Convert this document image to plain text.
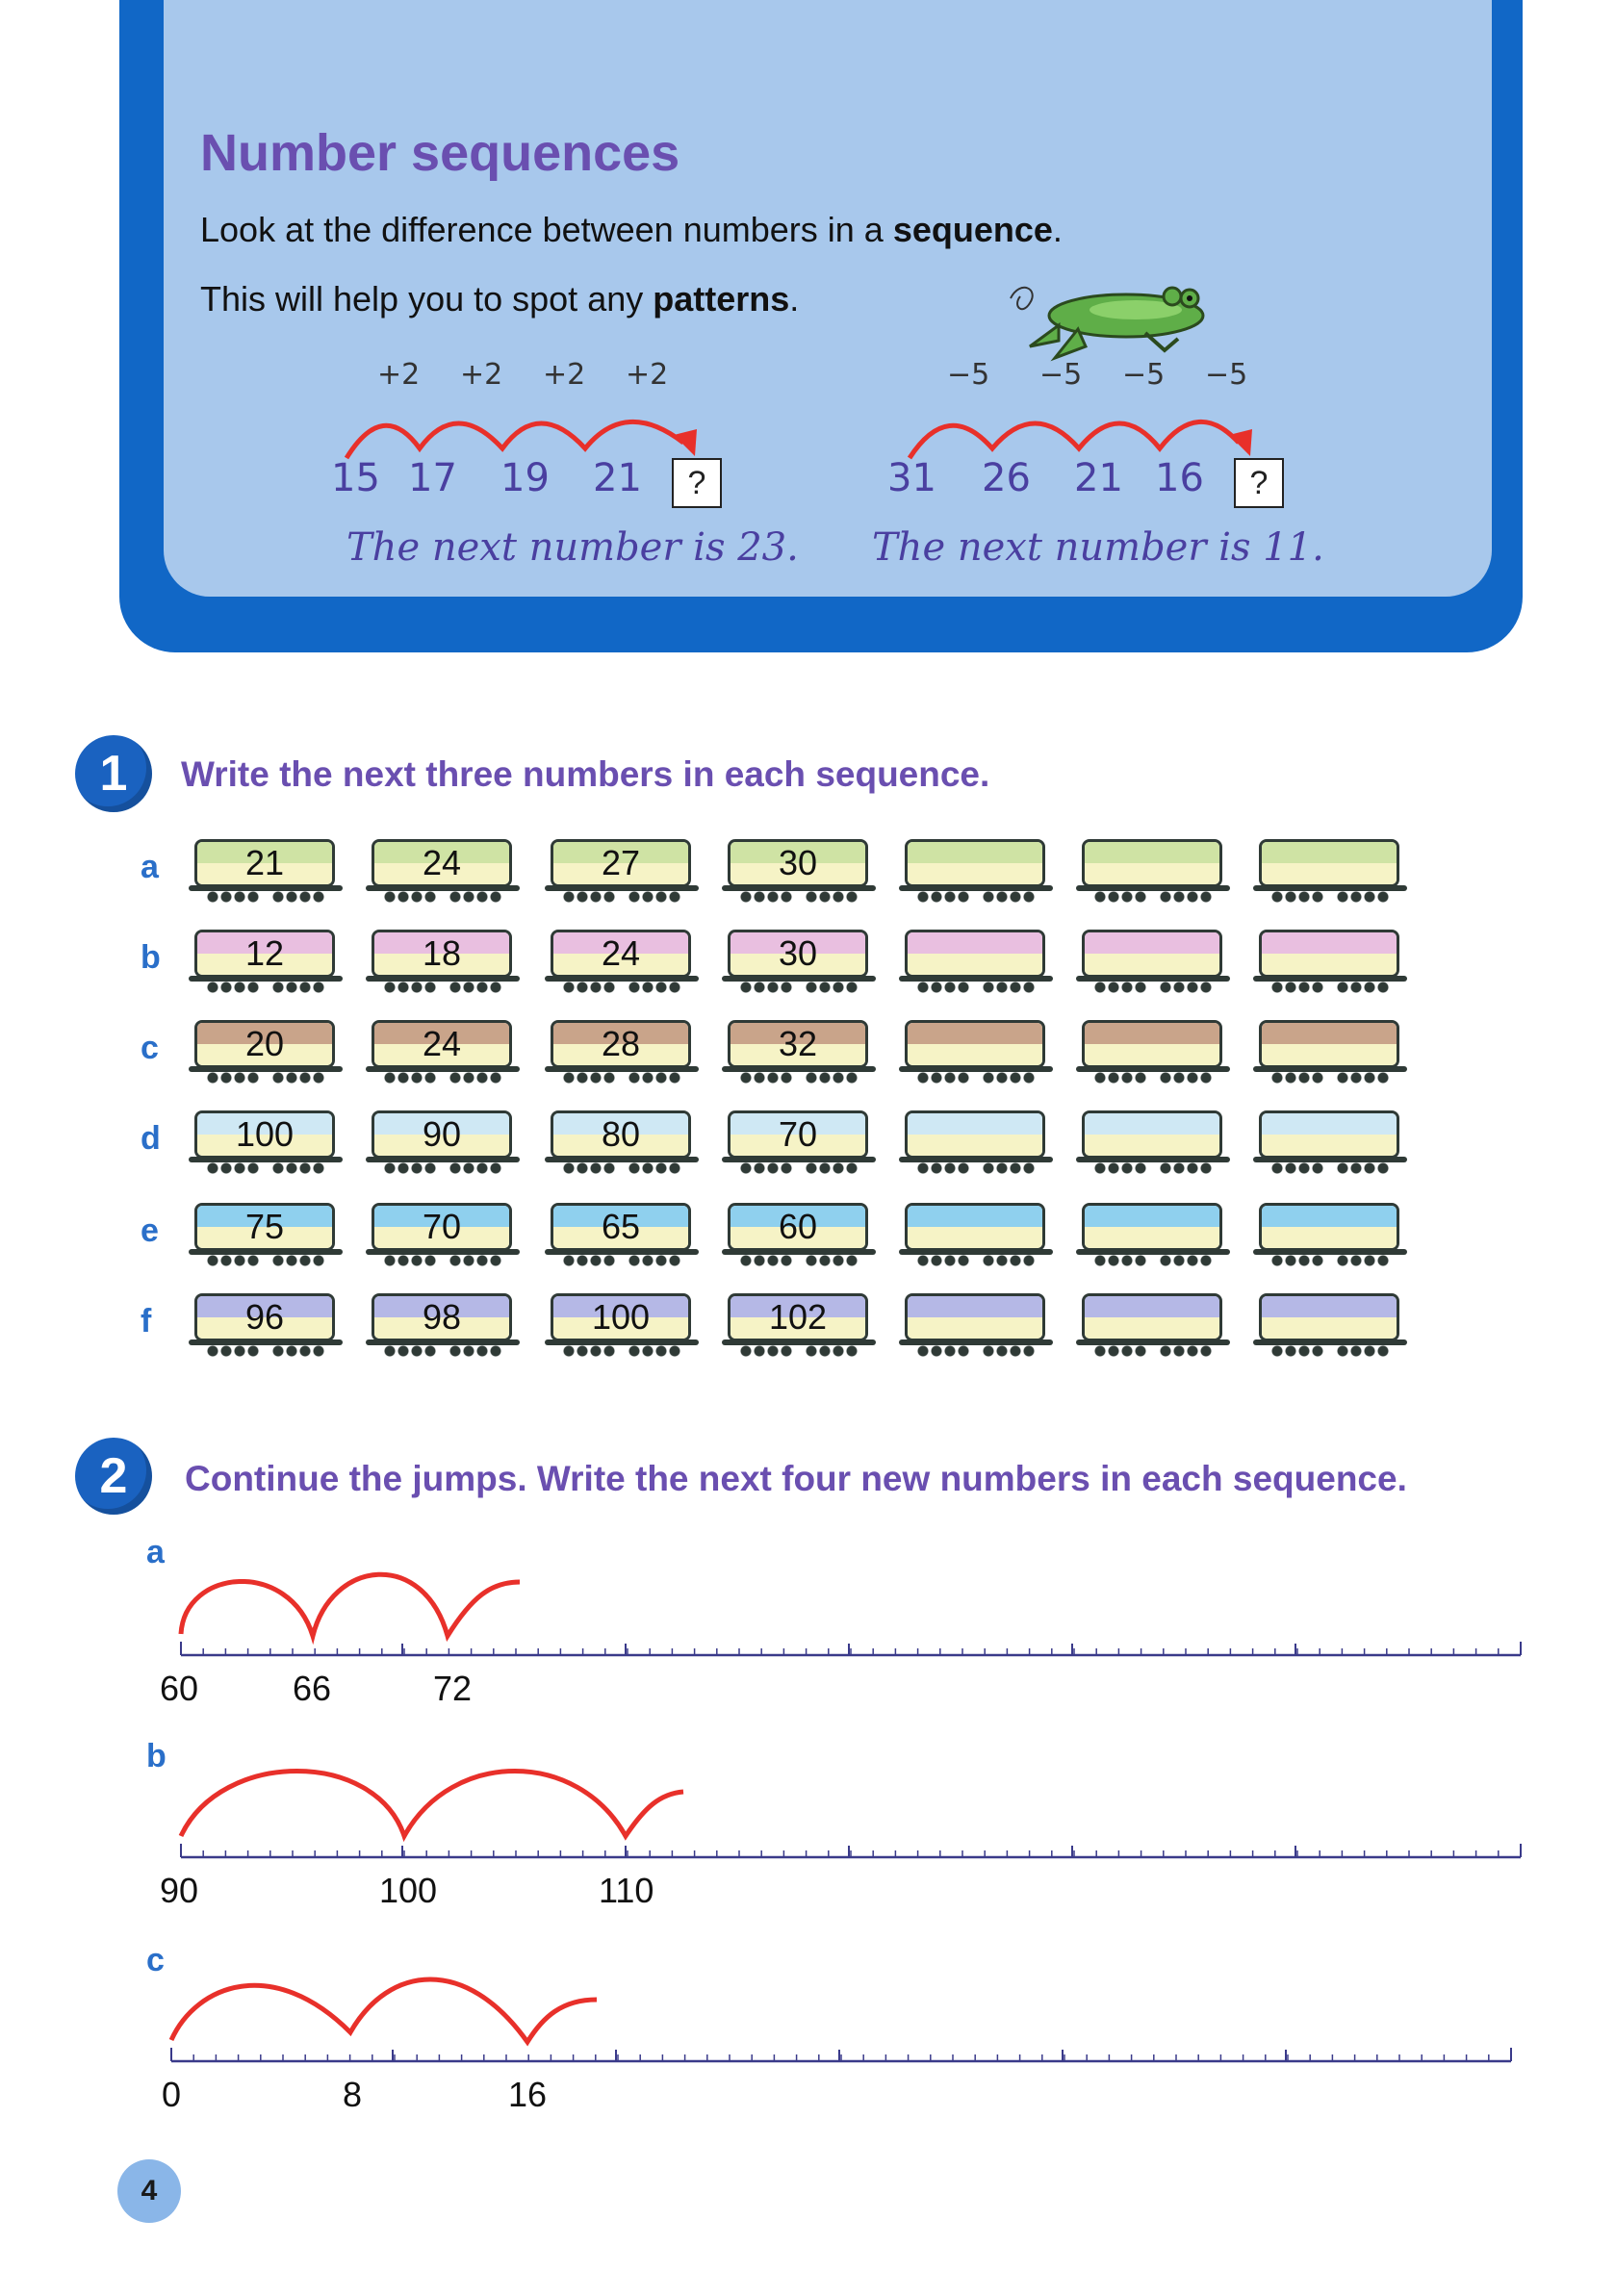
Number sequences
Look at the difference between numbers in a sequence.
This will help you to spot any patterns.
+2 +2 +2 +2
15 17 19 21	?
The next number is 23.
−5 −5 −5 −5
31 26 21 16	?
The next number is 11.
1	Write the next three numbers in each sequence.
a	21	24	27	30
b	12	18	24	30
c	20	24	28	32
d	100	90	80	70
e	75	70	65	60
f	96	98	100	102
2	Continue the jumps. Write the next four new numbers in each sequence.
a
60	66	72
b
90	100	110
c
0	8	16
4
